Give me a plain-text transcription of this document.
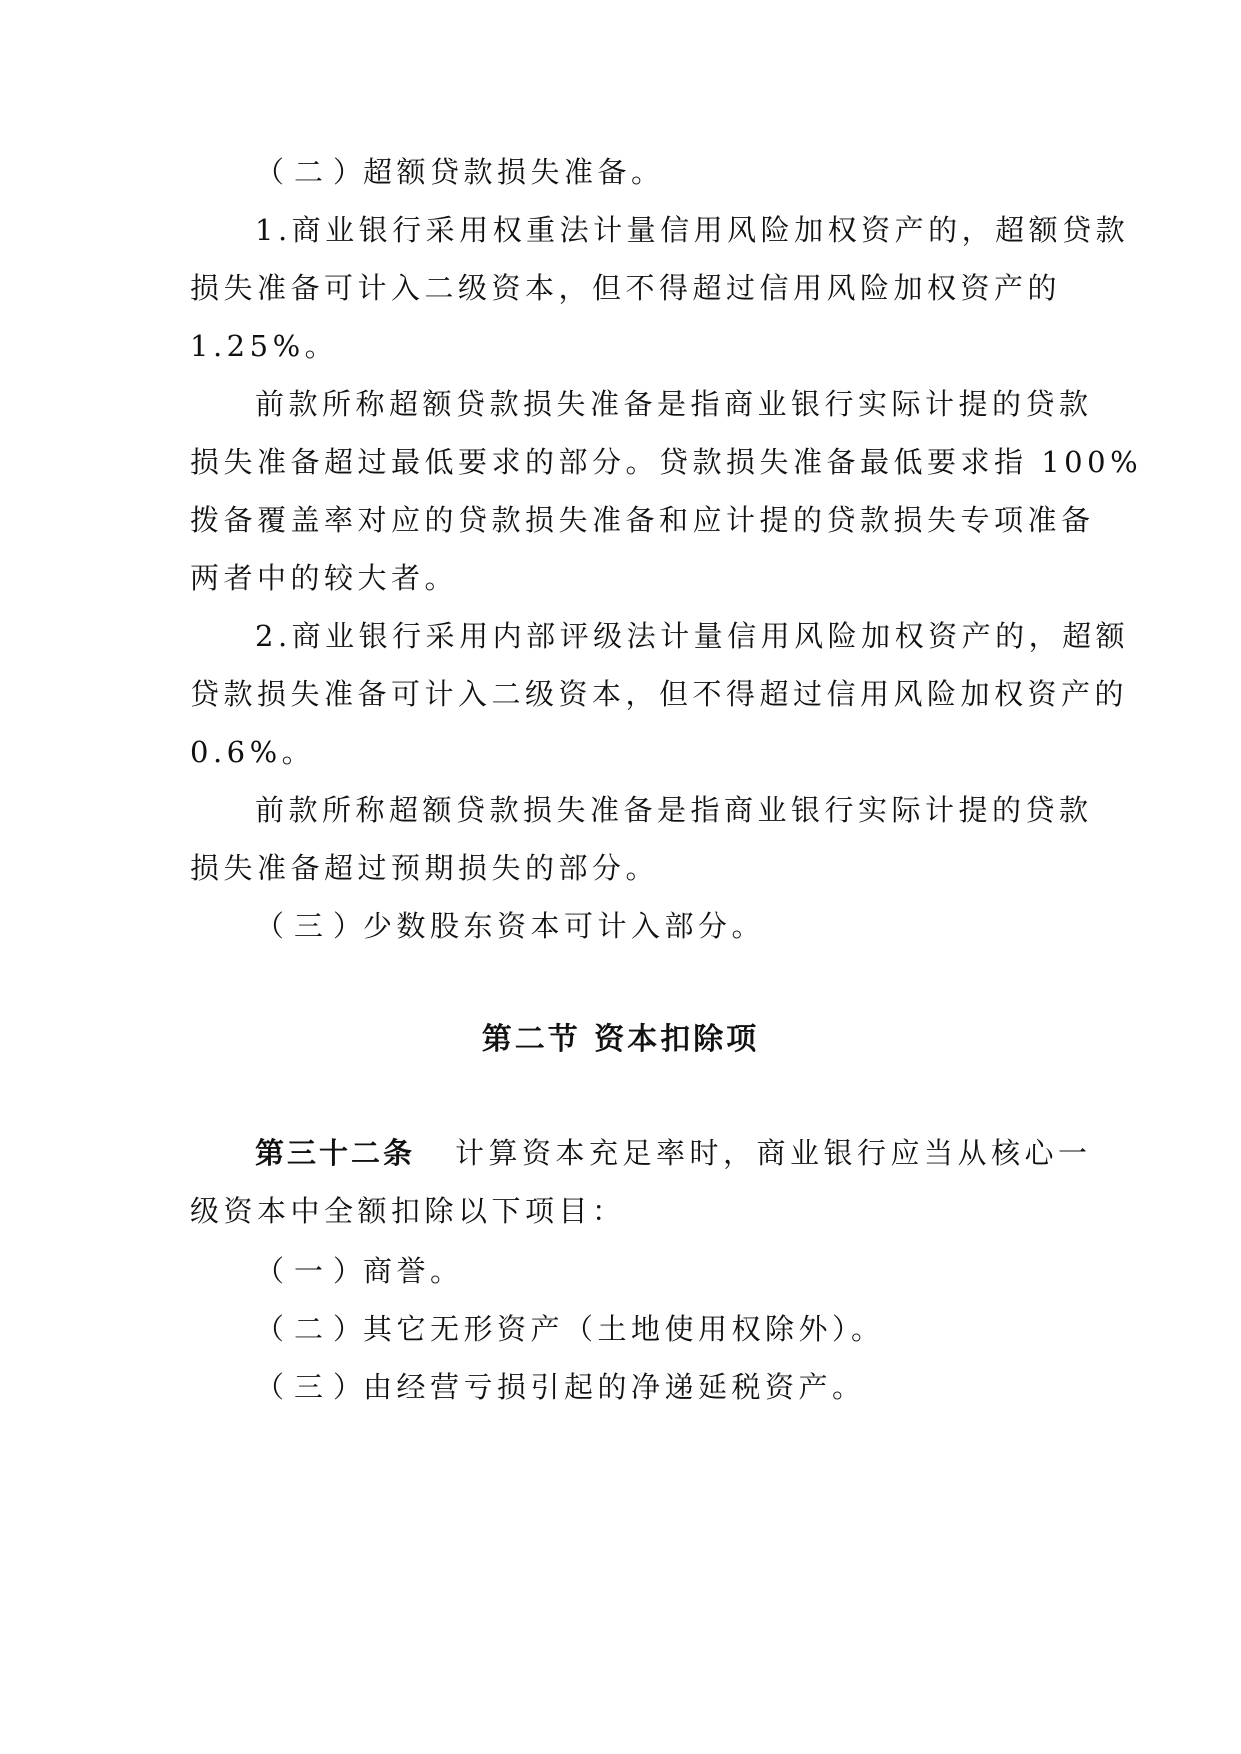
（二）超额贷款损失准备。
1.商业银行采用权重法计量信用风险加权资产的，超额贷款
损失准备可计入二级资本，但不得超过信用风险加权资产的
1.25%。
前款所称超额贷款损失准备是指商业银行实际计提的贷款
损失准备超过最低要求的部分。贷款损失准备最低要求指 100%
拨备覆盖率对应的贷款损失准备和应计提的贷款损失专项准备
两者中的较大者。
2.商业银行采用内部评级法计量信用风险加权资产的，超额
贷款损失准备可计入二级资本，但不得超过信用风险加权资产的
0.6%。
前款所称超额贷款损失准备是指商业银行实际计提的贷款
损失准备超过预期损失的部分。
（三）少数股东资本可计入部分。
第二节 资本扣除项
第三十二条 计算资本充足率时，商业银行应当从核心一
级资本中全额扣除以下项目：
（一）商誉。
（二）其它无形资产（土地使用权除外）。
（三）由经营亏损引起的净递延税资产。
